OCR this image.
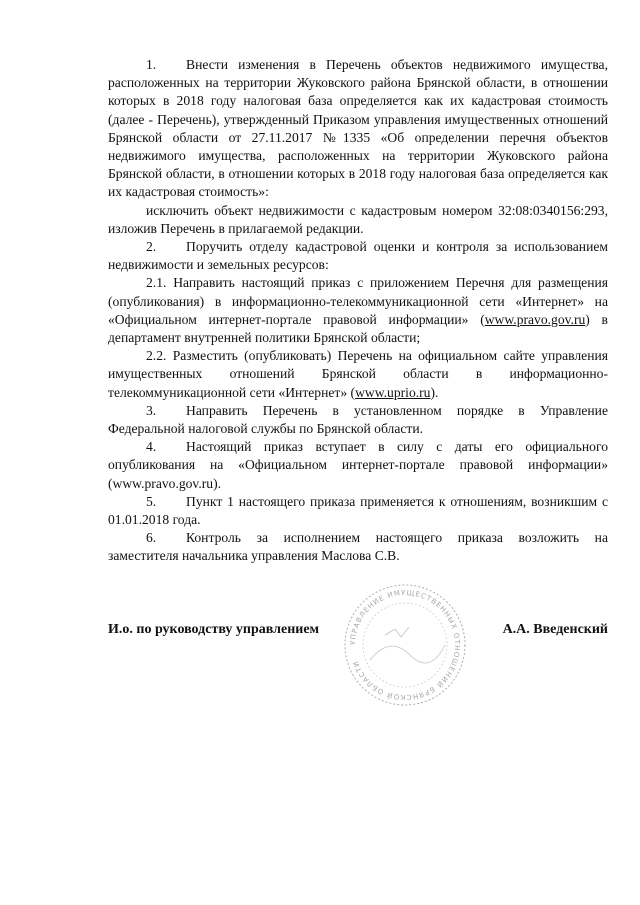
1. Внести изменения в Перечень объектов недвижимого имущества, расположенных на территории Жуковского района Брянской области, в отношении которых в 2018 году налоговая база определяется как их кадастровая стоимость (далее - Перечень), утвержденный Приказом управления имущественных отношений Брянской области от 27.11.2017 №1335 «Об определении перечня объектов недвижимого имущества, расположенных на территории Жуковского района Брянской области, в отношении которых в 2018 году налоговая база определяется как их кадастровая стоимость»:

исключить объект недвижимости с кадастровым номером 32:08:0340156:293, изложив Перечень в прилагаемой редакции.

2. Поручить отделу кадастровой оценки и контроля за использованием недвижимости и земельных ресурсов:

2.1. Направить настоящий приказ с приложением Перечня для размещения (опубликования) в информационно-телекоммуникационной сети «Интернет» на «Официальном интернет-портале правовой информации» (www.pravo.gov.ru) в департамент внутренней политики Брянской области;

2.2. Разместить (опубликовать) Перечень на официальном сайте управления имущественных отношений Брянской области в информационно-телекоммуникационной сети «Интернет» (www.uprio.ru).

3. Направить Перечень в установленном порядке в Управление Федеральной налоговой службы по Брянской области.

4. Настоящий приказ вступает в силу с даты его официального опубликования на «Официальном интернет-портале правовой информации» (www.pravo.gov.ru).

5. Пункт 1 настоящего приказа применяется к отношениям, возникшим с 01.01.2018 года.

6. Контроль за исполнением настоящего приказа возложить на заместителя начальника управления Маслова С.В.

УПРАВЛЕНИЕ ИМУЩЕСТВЕННЫХ ОТНОШЕНИЙ БРЯНСКОЙ ОБЛАСТИ
И.о. по руководству управлением	А.А. Введенский
